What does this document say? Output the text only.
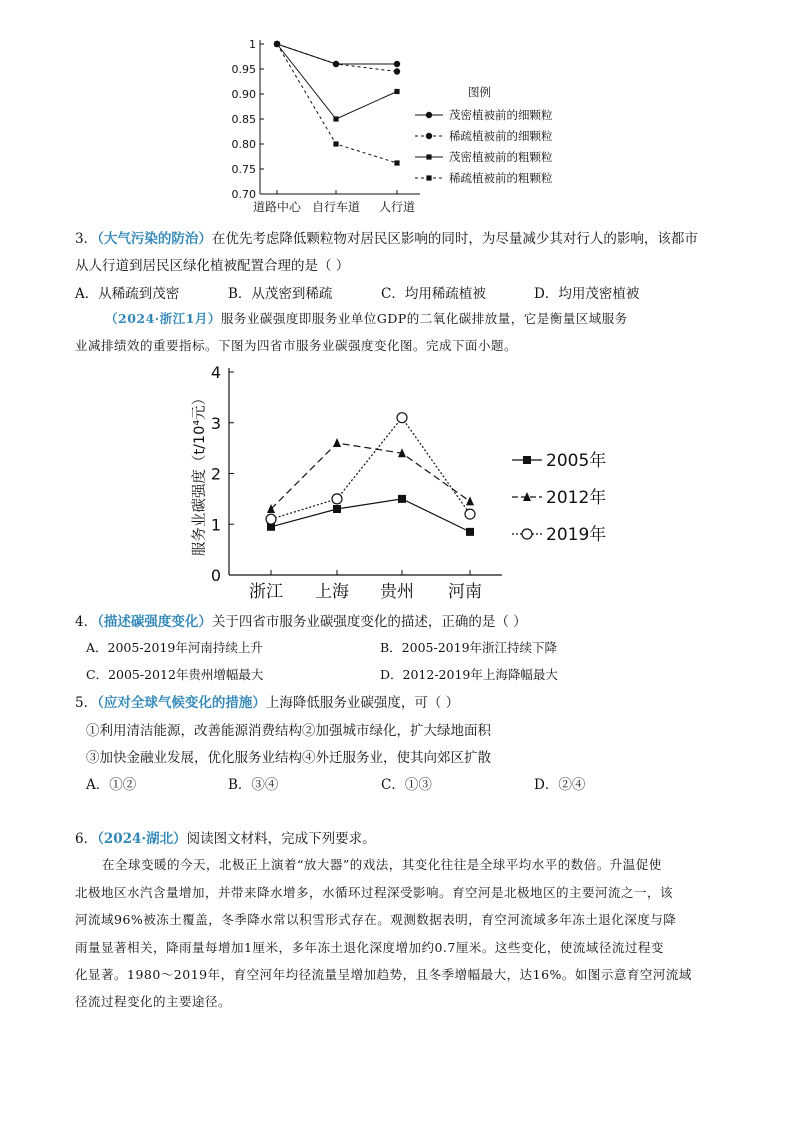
1
0.95
0.90
0.85
0.80
0.75
0.70
道路中心 自行车道 人行道
图例
茂密植被前的细颗粒
稀疏植被前的细颗粒
茂密植被前的粗颗粒
稀疏植被前的粗颗粒
3．（大气污染的防治）在优先考虑降低颗粒物对居民区影响的同时，为尽量减少其对行人的影响，该都市
从人行道到居民区绿化植被配置合理的是（ ）
A．从稀疏到茂密	B．从茂密到稀疏	C．均用稀疏植被	D．均用茂密植被
（2024·浙江1月）服务业碳强度即服务业单位GDP的二氧化碳排放量，它是衡量区域服务
业减排绩效的重要指标。下图为四省市服务业碳强度变化图。完成下面小题。
0
1
2
3
4
浙江 上海 贵州 河南
服务业碳强度（t/10⁴元）	2005年
2012年
2019年
4．（描述碳强度变化）关于四省市服务业碳强度变化的描述，正确的是（ ）
A．2005-2019年河南持续上升	B．2005-2019年浙江持续下降
C．2005-2012年贵州增幅最大	D．2012-2019年上海降幅最大
5．（应对全球气候变化的措施）上海降低服务业碳强度，可（ ）
①利用清洁能源，改善能源消费结构②加强城市绿化，扩大绿地面积
③加快金融业发展，优化服务业结构④外迁服务业，使其向郊区扩散
A．①②	B．③④	C．①③	D．②④
6．（2024·湖北）阅读图文材料，完成下列要求。
在全球变暖的今天，北极正上演着“放大器”的戏法，其变化往往是全球平均水平的数倍。升温促使
北极地区水汽含量增加，并带来降水增多，水循环过程深受影响。育空河是北极地区的主要河流之一，该
河流域96%被冻土覆盖，冬季降水常以积雪形式存在。观测数据表明，育空河流域多年冻土退化深度与降
雨量显著相关，降雨量每增加1厘米，多年冻土退化深度增加约0.7厘米。这些变化，使流域径流过程变
化显著。1980～2019年，育空河年均径流量呈增加趋势，且冬季增幅最大，达16%。如图示意育空河流域
径流过程变化的主要途径。
